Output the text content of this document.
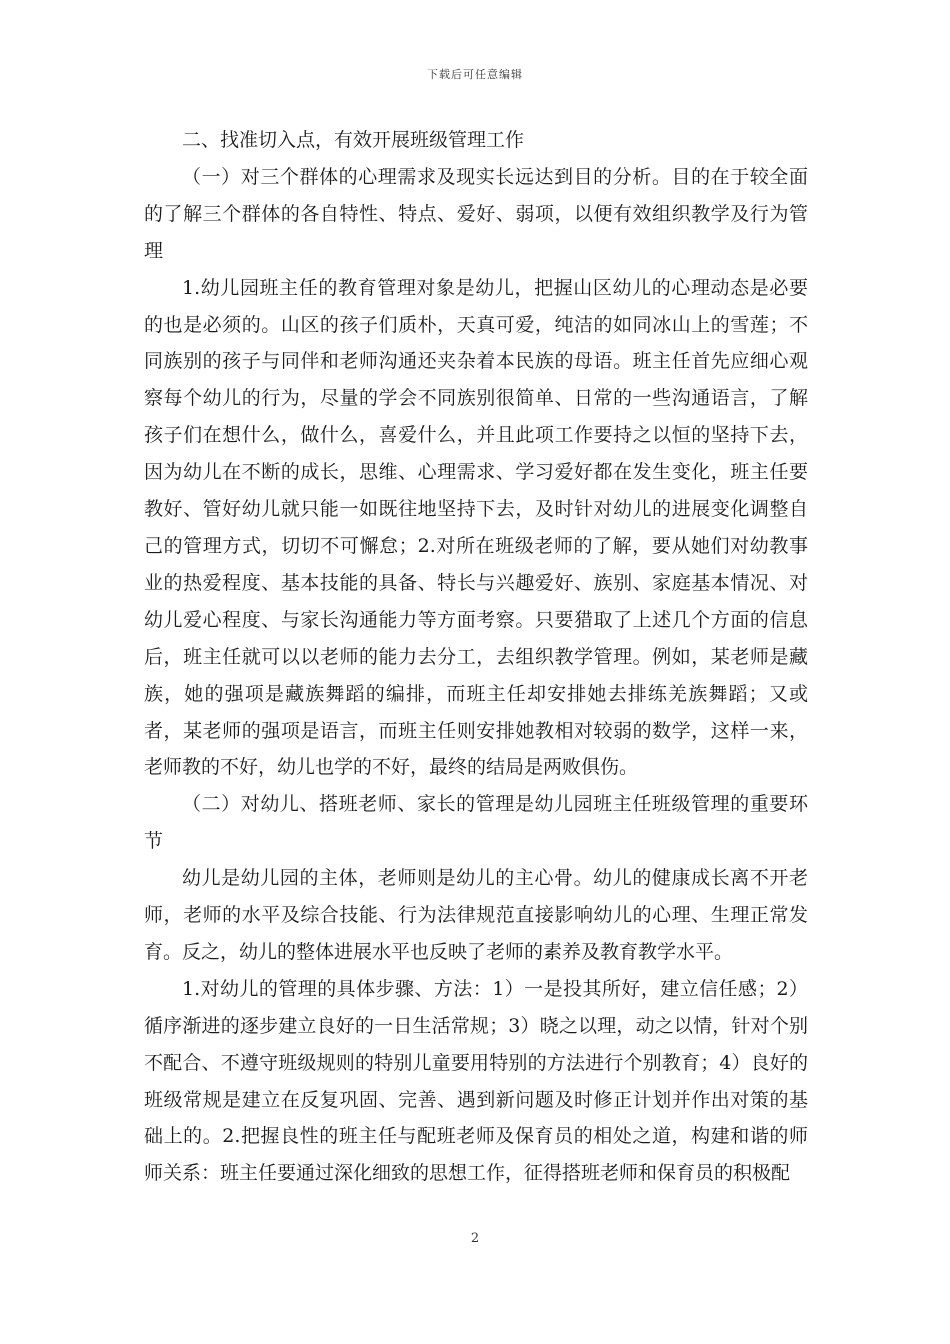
下载后可任意编辑

二、找准切入点，有效开展班级管理工作

（一）对三个群体的心理需求及现实长远达到目的分析。目的在于较全面的了解三个群体的各自特性、特点、爱好、弱项，以便有效组织教学及行为管理

1.幼儿园班主任的教育管理对象是幼儿，把握山区幼儿的心理动态是必要的也是必须的。山区的孩子们质朴，天真可爱，纯洁的如同冰山上的雪莲；不同族别的孩子与同伴和老师沟通还夹杂着本民族的母语。班主任首先应细心观察每个幼儿的行为，尽量的学会不同族别很简单、日常的一些沟通语言，了解孩子们在想什么，做什么，喜爱什么，并且此项工作要持之以恒的坚持下去，因为幼儿在不断的成长，思维、心理需求、学习爱好都在发生变化，班主任要教好、管好幼儿就只能一如既往地坚持下去，及时针对幼儿的进展变化调整自己的管理方式，切切不可懈怠；2.对所在班级老师的了解，要从她们对幼教事业的热爱程度、基本技能的具备、特长与兴趣爱好、族别、家庭基本情况、对幼儿爱心程度、与家长沟通能力等方面考察。只要猎取了上述几个方面的信息后，班主任就可以以老师的能力去分工，去组织教学管理。例如，某老师是藏族，她的强项是藏族舞蹈的编排，而班主任却安排她去排练羌族舞蹈；又或者，某老师的强项是语言，而班主任则安排她教相对较弱的数学，这样一来，老师教的不好，幼儿也学的不好，最终的结局是两败俱伤。

（二）对幼儿、搭班老师、家长的管理是幼儿园班主任班级管理的重要环节

幼儿是幼儿园的主体，老师则是幼儿的主心骨。幼儿的健康成长离不开老师，老师的水平及综合技能、行为法律规范直接影响幼儿的心理、生理正常发育。反之，幼儿的整体进展水平也反映了老师的素养及教育教学水平。

1.对幼儿的管理的具体步骤、方法：1）一是投其所好，建立信任感；2）循序渐进的逐步建立良好的一日生活常规；3）晓之以理，动之以情，针对个别不配合、不遵守班级规则的特别儿童要用特别的方法进行个别教育；4）良好的班级常规是建立在反复巩固、完善、遇到新问题及时修正计划并作出对策的基础上的。2.把握良性的班主任与配班老师及保育员的相处之道，构建和谐的师师关系：班主任要通过深化细致的思想工作，征得搭班老师和保育员的积极配

2
